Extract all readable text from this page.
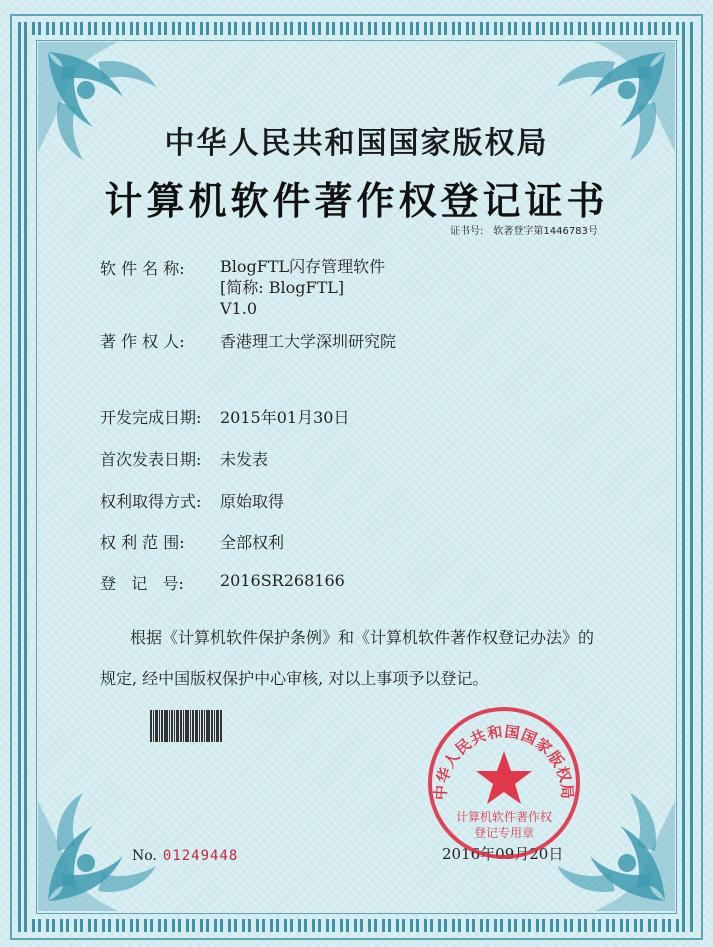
中华人民共和国国家版权局
计算机软件著作权登记证书
证书号: 软著登字第1446783号
软 件 名 称: BlogFTL闪存管理软件
[简称: BlogFTL]
V1.0
著 作 权 人: 香港理工大学深圳研究院
开发完成日期: 2015年01月30日
首次发表日期: 未发表
权利取得方式: 原始取得
权 利 范 围: 全部权利
登   记   号: 2016SR268166
根据《计算机软件保护条例》和《计算机软件著作权登记办法》的
规定, 经中国版权保护中心审核, 对以上事项予以登记。
No. 01249448	2016年09月20日
中华人民共和国国家版权局
计算机软件著作权
登记专用章
